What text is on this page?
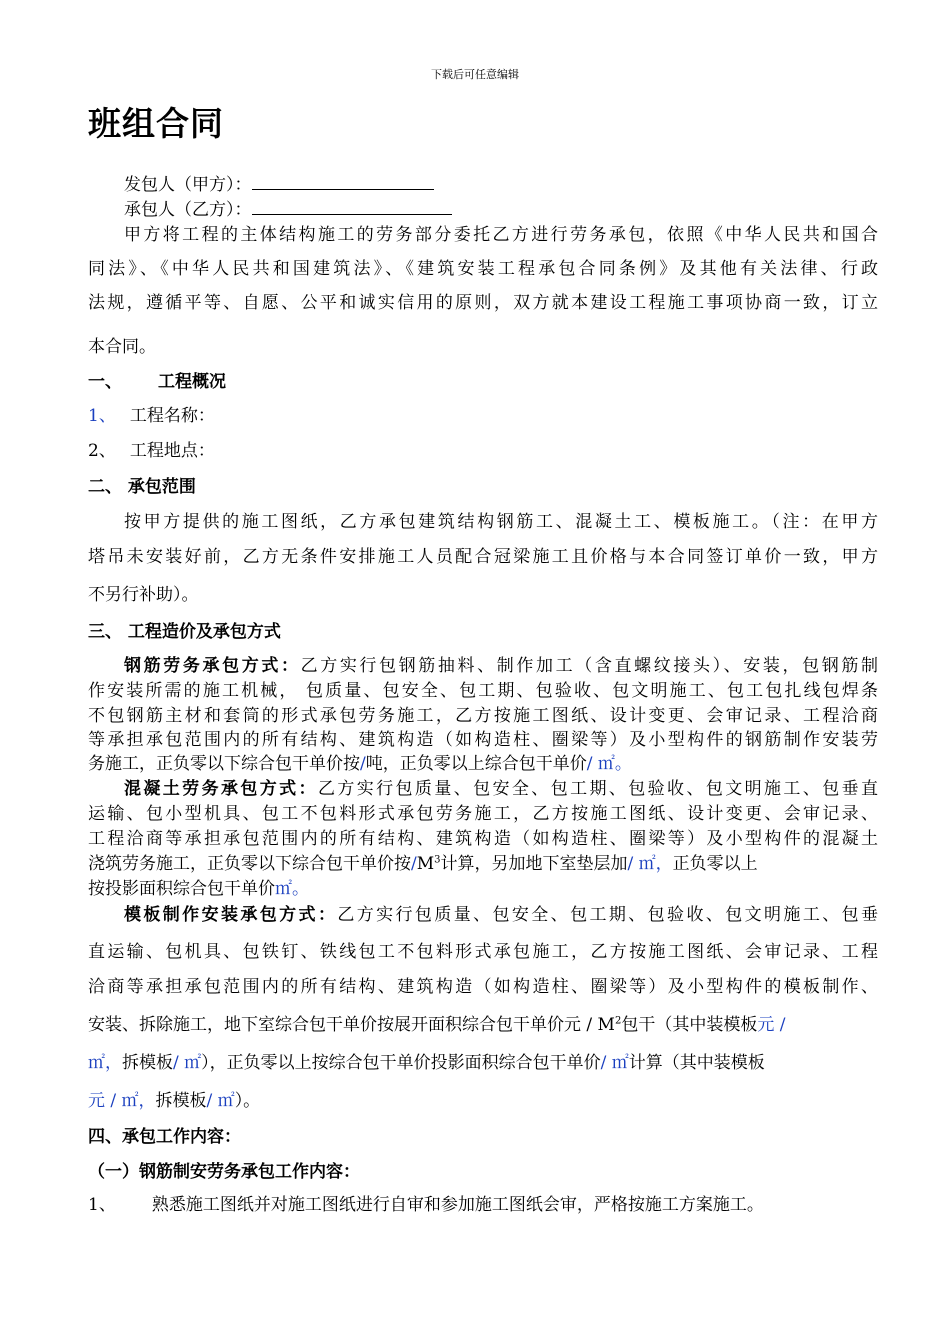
下载后可任意编辑
班组合同
发包人（甲方）：
承包人（乙方）：
甲方将工程的主体结构施工的劳务部分委托乙方进行劳务承包，依照《中华人民共和国合
同法》、《中华人民共和国建筑法》、《建筑安装工程承包合同条例》及其他有关法律、行政
法规，遵循平等、自愿、公平和诚实信用的原则，双方就本建设工程施工事项协商一致，订立
本合同。
一、 工程概况
1、 工程名称：
2、 工程地点：
二、 承包范围
按甲方提供的施工图纸，乙方承包建筑结构钢筋工、混凝土工、模板施工。（注：在甲方
塔吊未安装好前，乙方无条件安排施工人员配合冠梁施工且价格与本合同签订单价一致，甲方
不另行补助）。
三、 工程造价及承包方式
钢筋劳务承包方式：乙方实行包钢筋抽料、制作加工（含直螺纹接头）、安装，包钢筋制
作安装所需的施工机械， 包质量、包安全、包工期、包验收、包文明施工、包工包扎线包焊条
不包钢筋主材和套筒的形式承包劳务施工，乙方按施工图纸、设计变更、会审记录、工程洽商
等承担承包范围内的所有结构、建筑构造（如构造柱、圈梁等）及小型构件的钢筋制作安装劳
务施工，正负零以下综合包干单价按/吨，正负零以上综合包干单价/ ㎡。
混凝土劳务承包方式：乙方实行包质量、包安全、包工期、包验收、包文明施工、包垂直
运输、包小型机具、包工不包料形式承包劳务施工，乙方按施工图纸、设计变更、会审记录、
工程洽商等承担承包范围内的所有结构、建筑构造（如构造柱、圈梁等）及小型构件的混凝土
浇筑劳务施工，正负零以下综合包干单价按$/M^3$计算，另加地下室垫层加/ ㎡，正负零以上
按投影面积综合包干单价㎡。
模板制作安装承包方式：乙方实行包质量、包安全、包工期、包验收、包文明施工、包垂
直运输、包机具、包铁钉、铁线包工不包料形式承包施工，乙方按施工图纸、会审记录、工程
洽商等承担承包范围内的所有结构、建筑构造（如构造柱、圈梁等）及小型构件的模板制作、
安装、拆除施工，地下室综合包干单价按展开面积综合包干单价元 / $M^2$包干（其中装模板元 /
㎡，拆模板/ ㎡），正负零以上按综合包干单价投影面积综合包干单价/ ㎡计算（其中装模板
元 / ㎡，拆模板/ ㎡）。
四、承包工作内容：
（一）钢筋制安劳务承包工作内容：
1、 熟悉施工图纸并对施工图纸进行自审和参加施工图纸会审，严格按施工方案施工。
